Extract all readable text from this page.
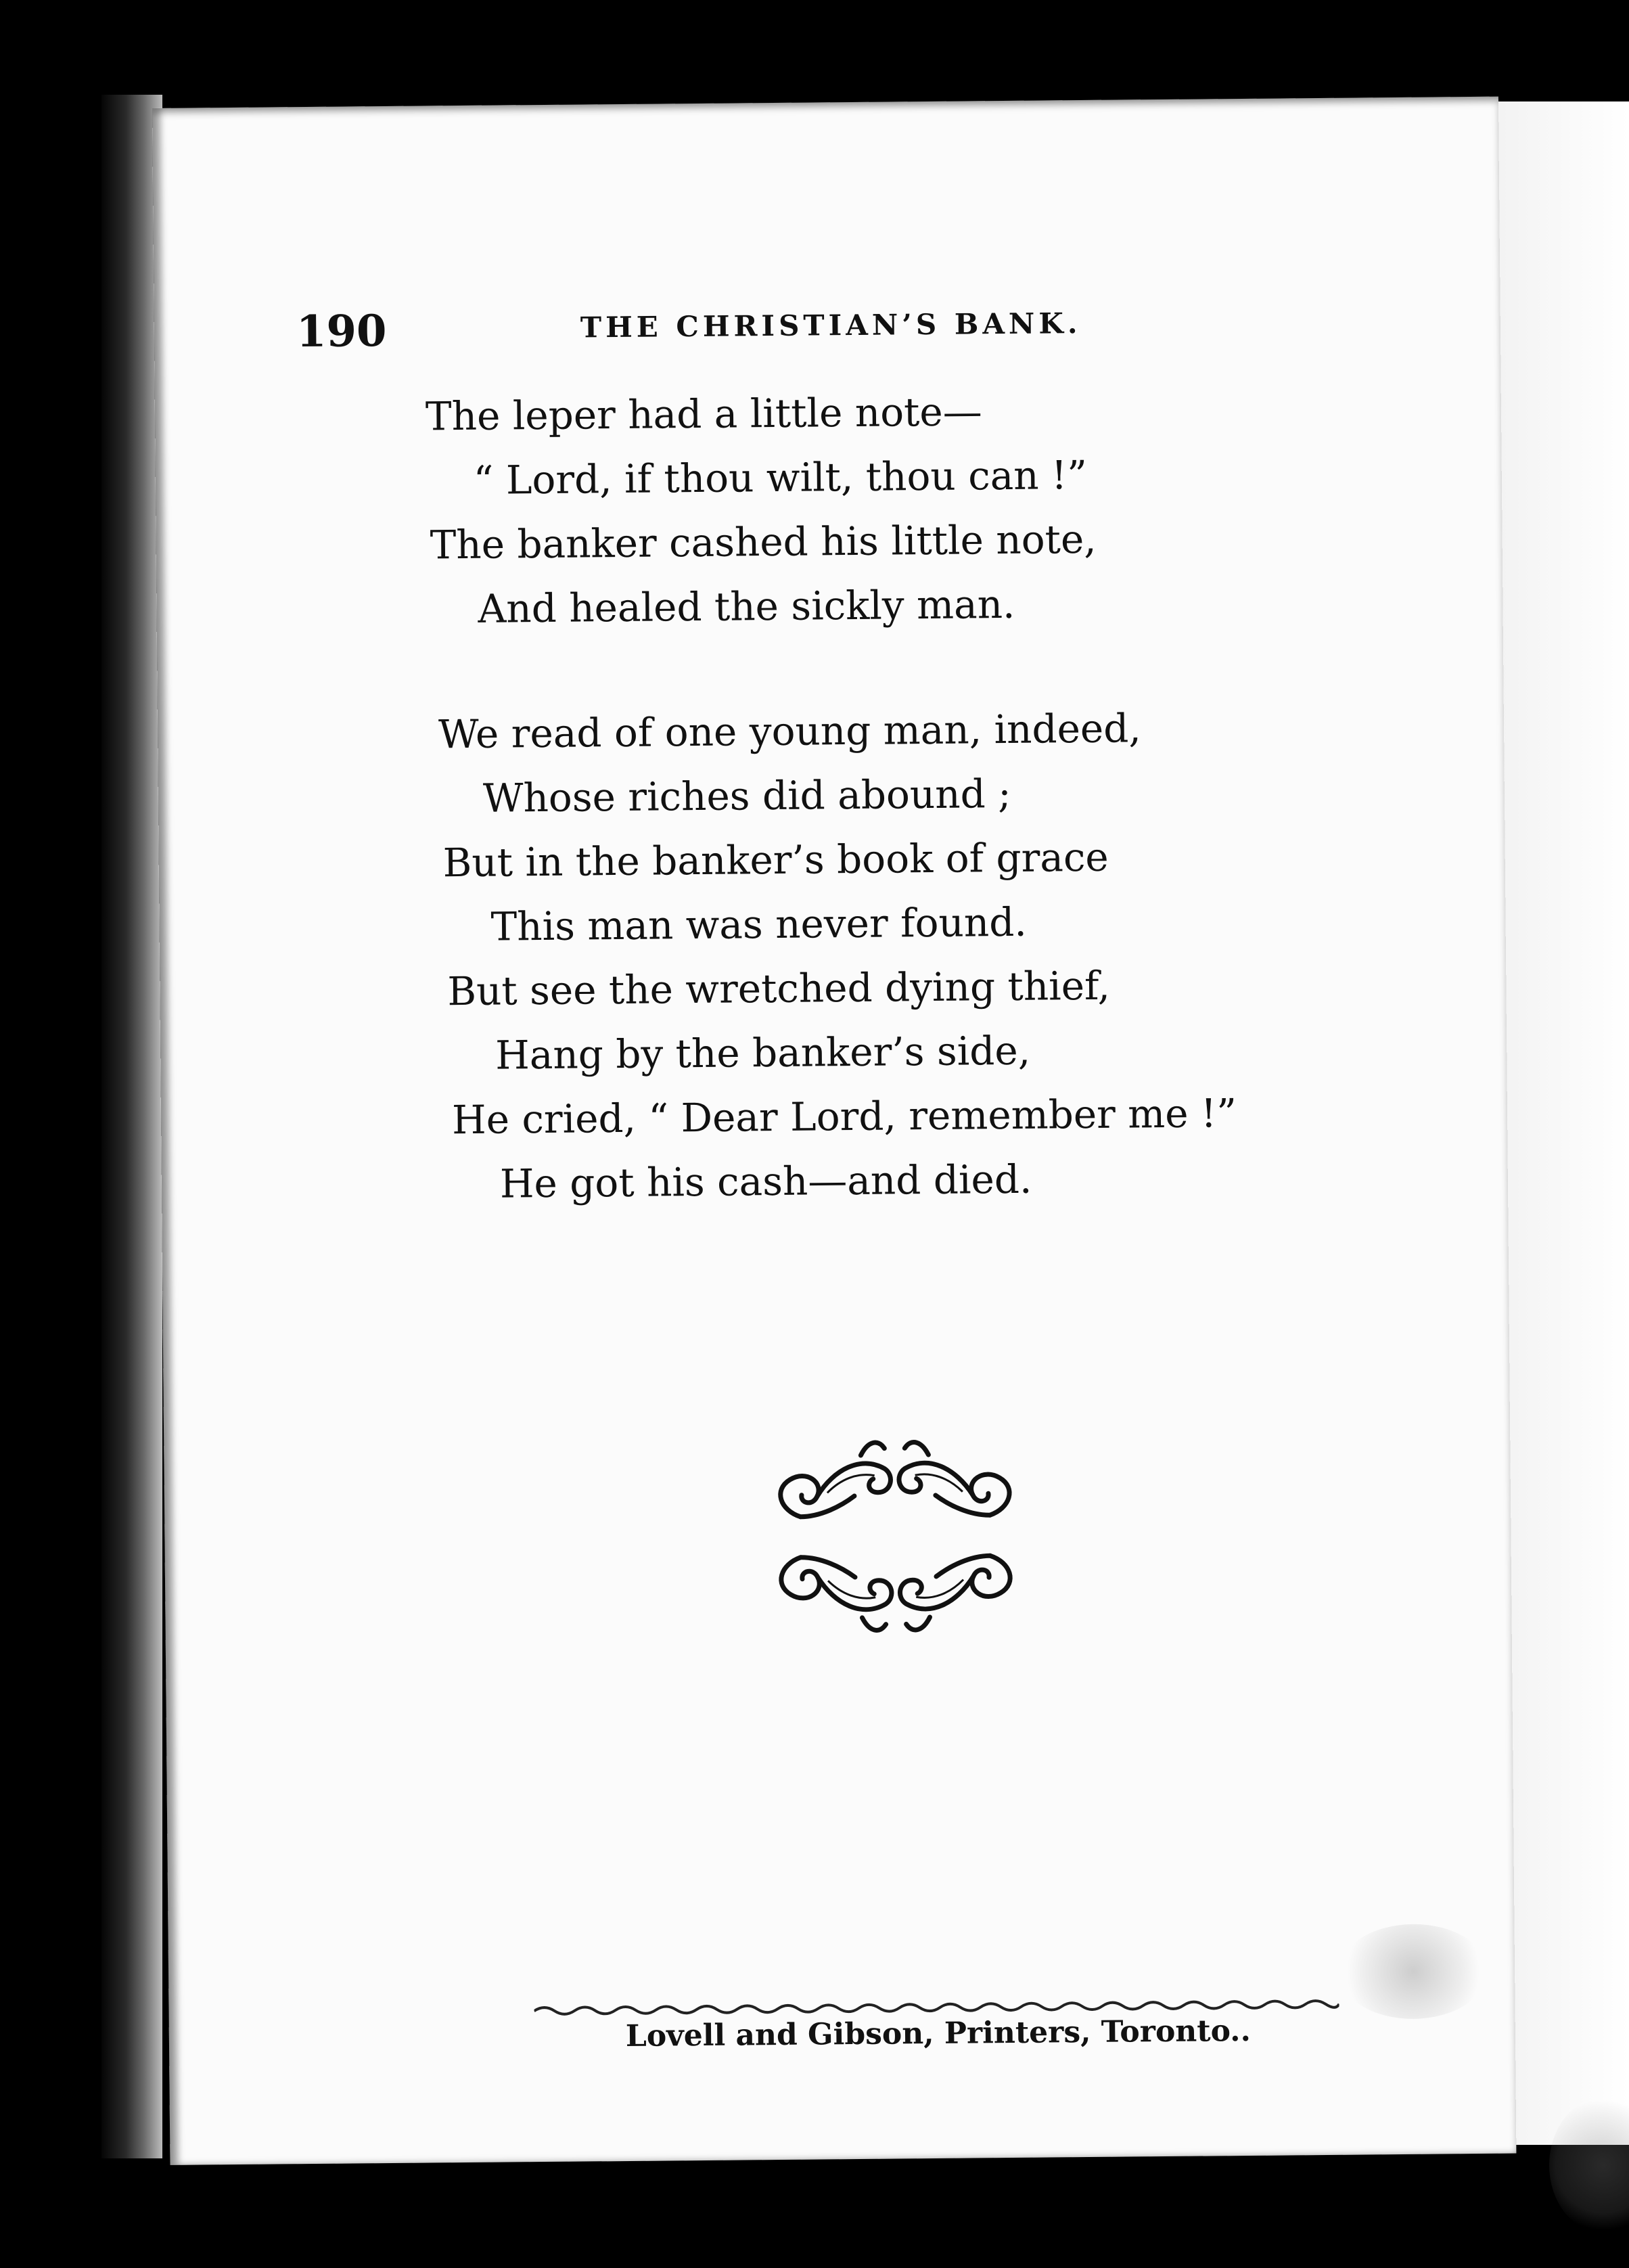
190	THE CHRISTIAN’S BANK.
The leper had a little note—
“ Lord, if thou wilt, thou can !”
The banker cashed his little note,
And healed the sickly man.
We read of one young man, indeed,
Whose riches did abound ;
But in the banker’s book of grace
This man was never found.
But see the wretched dying thief,
Hang by the banker’s side,
He cried, “ Dear Lord, remember me !”
He got his cash—and died.
Lovell and Gibson, Printers, Toronto..
